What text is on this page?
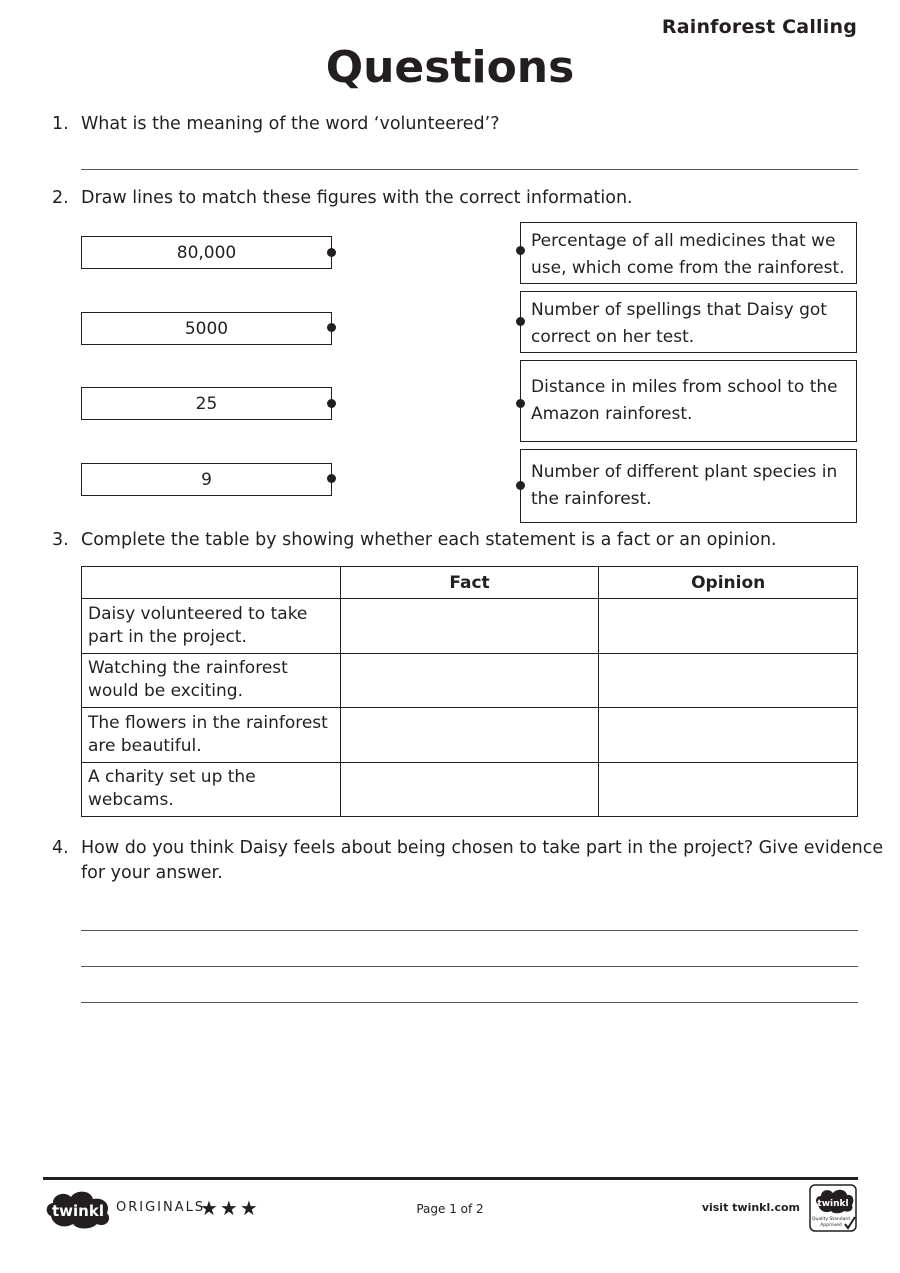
Rainforest Calling
Questions
1. What is the meaning of the word ‘volunteered’?
2. Draw lines to match these figures with the correct information.
80,000
5000
25
9
Percentage of all medicines that we
use, which come from the rainforest.
Number of spellings that Daisy got
correct on her test.
Distance in miles from school to the
Amazon rainforest.
Number of different plant species in
the rainforest.
3. Complete the table by showing whether each statement is a fact or an opinion.
	Fact	Opinion

Daisy volunteered to take
part in the project.		

Watching the rainforest
would be exciting.		

The flowers in the rainforest
are beautiful.		

A charity set up the
webcams.		

4. How do you think Daisy feels about being chosen to take part in the project? Give evidence
for your answer.
twinkl ORIGINALS
★★★	Page 1 of 2	visit twinkl.com twinkl
Quality Standard
Approved
